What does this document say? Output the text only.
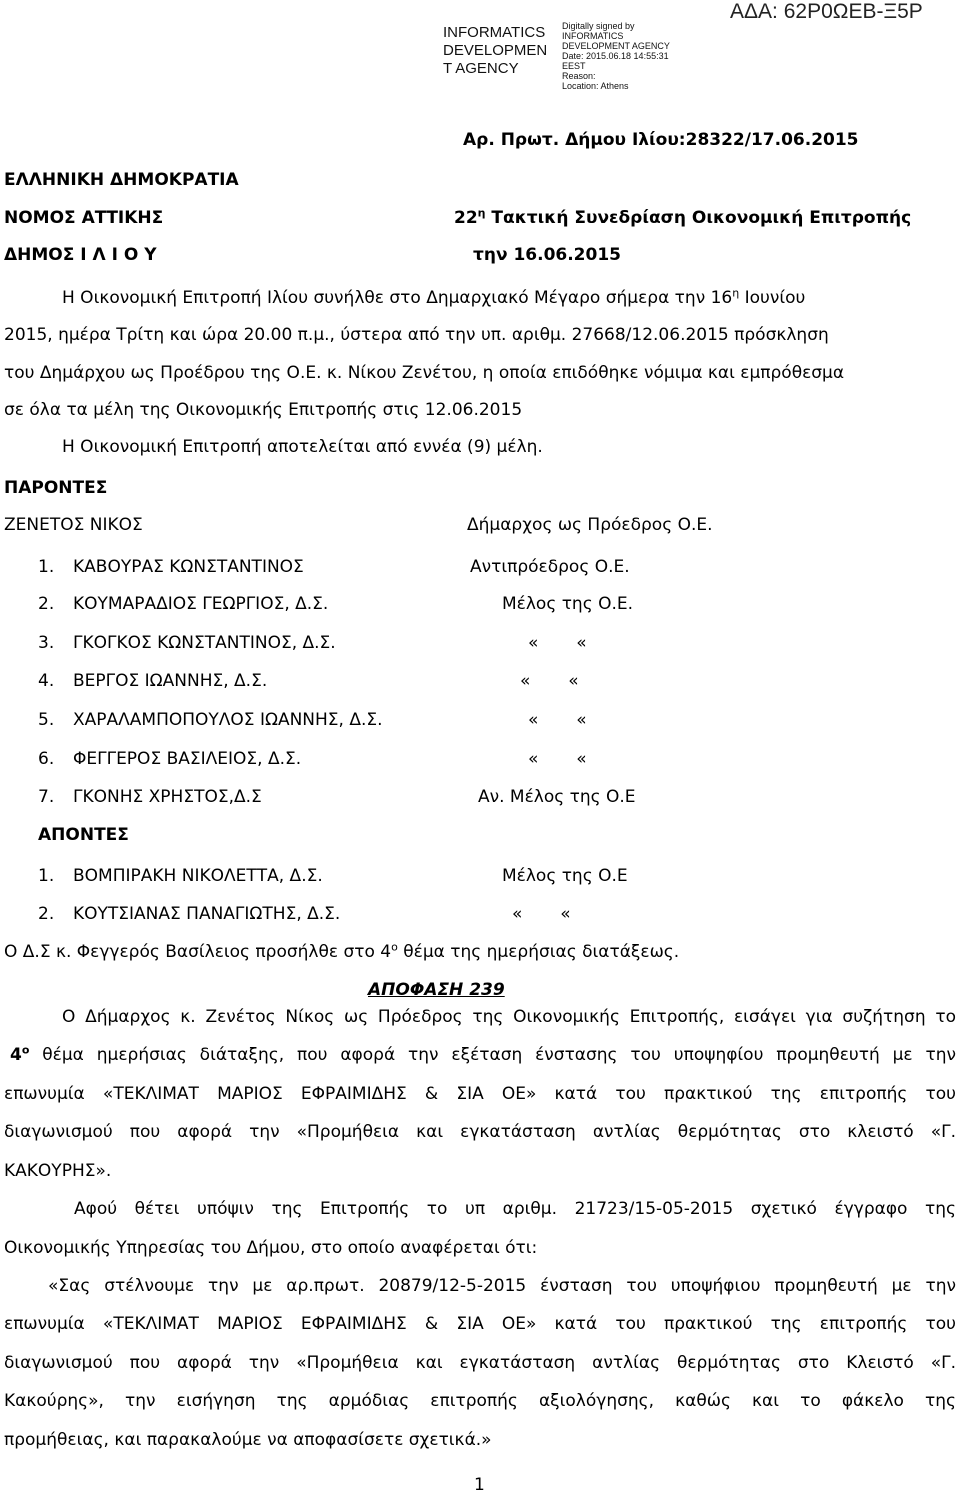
INFORMATICS
DEVELOPMEN
T AGENCY
Digitally signed by
INFORMATICS
DEVELOPMENT AGENCY
Date: 2015.06.18 14:55:31
EEST
Reason:
Location: Athens
ΑΔΑ: 62Ρ0ΩΕΒ-Ξ5Ρ
Αρ. Πρωτ. Δήμου Ιλίου:28322/17.06.2015
ΕΛΛΗΝΙΚΗ ΔΗΜΟΚΡΑΤΙΑ
ΝΟΜΟΣ ΑΤΤΙΚΗΣ
ΔΗΜΟΣ Ι Λ Ι Ο Υ
$22^\eta$ Τακτική Συνεδρίαση Οικονομική Επιτροπής
την 16.06.2015
Η Οικονομική Επιτροπή Ιλίου συνήλθε στο Δημαρχιακό Μέγαρο σήμερα την $16^\eta$ Ιουνίου
2015, ημέρα Τρίτη και ώρα 20.00 π.μ., ύστερα από την υπ. αριθμ. 27668/12.06.2015 πρόσκληση
του Δημάρχου ως Προέδρου της Ο.Ε. κ. Νίκου Ζενέτου, η οποία επιδόθηκε νόμιμα και εμπρόθεσμα
σε όλα τα μέλη της Οικονομικής Επιτροπής στις 12.06.2015
Η Οικονομική Επιτροπή αποτελείται από εννέα (9) μέλη.
ΠΑΡΟΝΤΕΣ
ΖΕΝΕΤΟΣ ΝΙΚΟΣ	Δήμαρχος ως Πρόεδρος Ο.Ε.
1. ΚΑΒΟΥΡΑΣ ΚΩΝΣΤΑΝΤΙΝΟΣ	Αντιπρόεδρος Ο.Ε.
2. ΚΟΥΜΑΡΑΔΙΟΣ ΓΕΩΡΓΙΟΣ, Δ.Σ.	Μέλος της Ο.Ε.
3. ΓΚΟΓΚΟΣ ΚΩΝΣΤΑΝΤΙΝΟΣ, Δ.Σ.	«       «
4. ΒΕΡΓΟΣ ΙΩΑΝΝΗΣ, Δ.Σ.	«       «
5. ΧΑΡΑΛΑΜΠΟΠΟΥΛΟΣ ΙΩΑΝΝΗΣ, Δ.Σ.	«       «
6. ΦΕΓΓΕΡΟΣ ΒΑΣΙΛΕΙΟΣ, Δ.Σ.	«       «
7. ΓΚΟΝΗΣ ΧΡΗΣΤΟΣ,Δ.Σ	Αν. Μέλος της Ο.Ε
ΑΠΟΝΤΕΣ
1. ΒΟΜΠΙΡΑΚΗ ΝΙΚΟΛΕΤΤΑ, Δ.Σ.	Μέλος της Ο.Ε
2. ΚΟΥΤΣΙΑΝΑΣ ΠΑΝΑΓΙΩΤΗΣ, Δ.Σ.	«       «
Ο Δ.Σ κ. Φεγγερός Βασίλειος προσήλθε στο $4^o$ θέμα της ημερήσιας διατάξεως.
ΑΠΟΦΑΣΗ 239
Ο Δήμαρχος κ. Ζενέτος Νίκος ως Πρόεδρος της Οικονομικής Επιτροπής, εισάγει για συζήτηση το
$4^o$ θέμα ημερήσιας διάταξης, που αφορά την εξέταση ένστασης του υποψηφίου προμηθευτή με την
επωνυμία «ΤΕΚΛΙΜΑΤ ΜΑΡΙΟΣ ΕΦΡΑΙΜΙΔΗΣ & ΣΙΑ ΟΕ» κατά του πρακτικού της επιτροπής του
διαγωνισμού που αφορά την «Προμήθεια και εγκατάσταση αντλίας θερμότητας στο κλειστό «Γ.
ΚΑΚΟΥΡΗΣ».
Αφού θέτει υπόψιν της Επιτροπής το υπ αριθμ. 21723/15-05-2015 σχετικό έγγραφο της
Οικονομικής Υπηρεσίας του Δήμου, στο οποίο αναφέρεται ότι:
«Σας στέλνουμε την με αρ.πρωτ. 20879/12-5-2015 ένσταση του υποψήφιου προμηθευτή με την
επωνυμία «ΤΕΚΛΙΜΑΤ ΜΑΡΙΟΣ ΕΦΡΑΙΜΙΔΗΣ & ΣΙΑ ΟΕ» κατά του πρακτικού της επιτροπής του
διαγωνισμού που αφορά την «Προμήθεια και εγκατάσταση αντλίας θερμότητας στο Κλειστό «Γ.
Κακούρης», την εισήγηση της αρμόδιας επιτροπής αξιολόγησης, καθώς και το φάκελο της
προμήθειας, και παρακαλούμε να αποφασίσετε σχετικά.»
1
